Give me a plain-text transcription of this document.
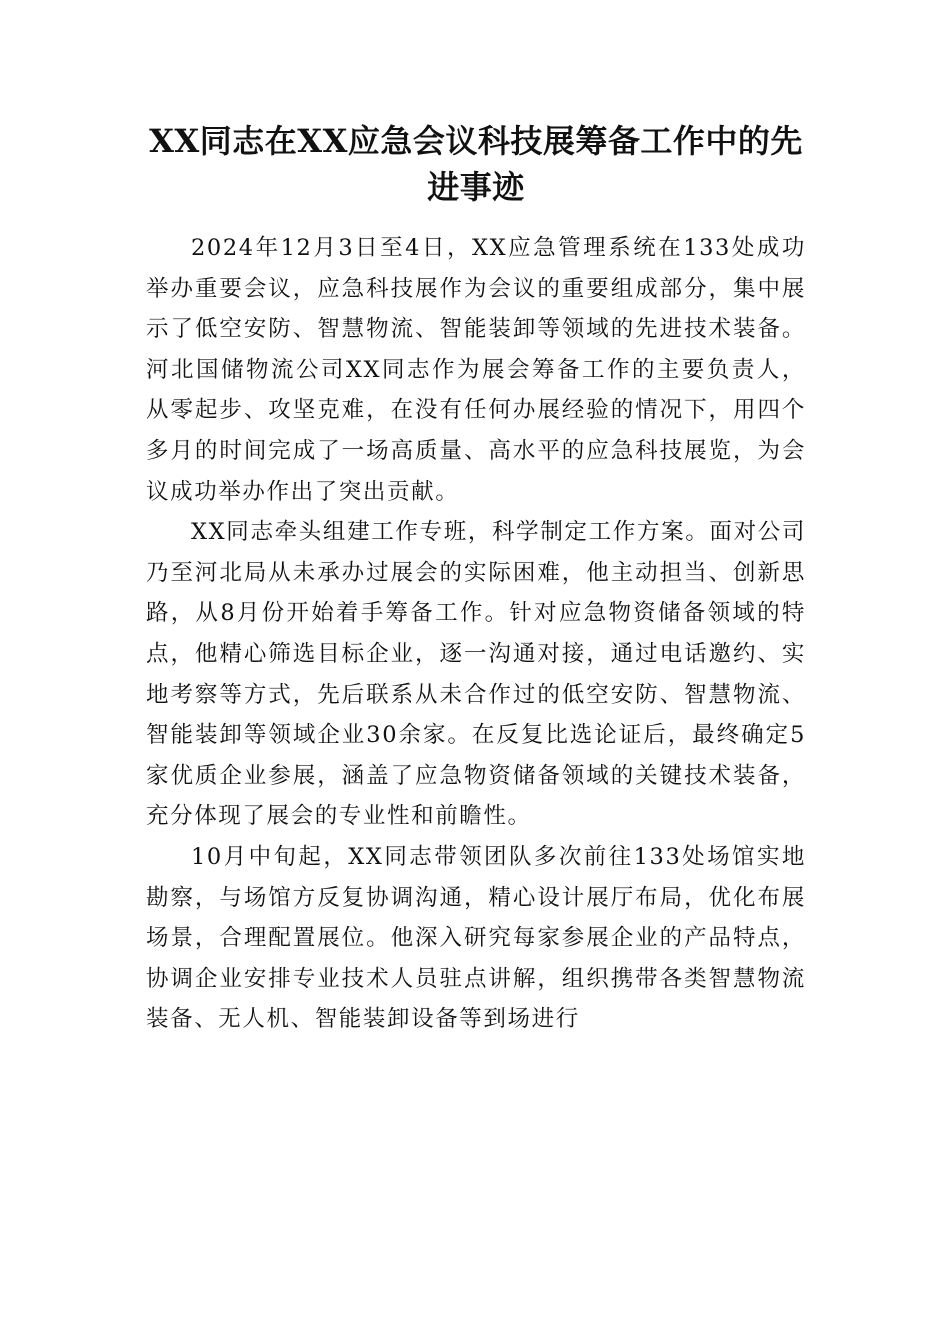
XX同志在XX应急会议科技展筹备工作中的先进事迹

2024年12月3日至4日，XX应急管理系统在133处成功举办重要会议，应急科技展作为会议的重要组成部分，集中展示了低空安防、智慧物流、智能装卸等领域的先进技术装备。河北国储物流公司XX同志作为展会筹备工作的主要负责人，从零起步、攻坚克难，在没有任何办展经验的情况下，用四个多月的时间完成了一场高质量、高水平的应急科技展览，为会议成功举办作出了突出贡献。

XX同志牵头组建工作专班，科学制定工作方案。面对公司乃至河北局从未承办过展会的实际困难，他主动担当、创新思路，从8月份开始着手筹备工作。针对应急物资储备领域的特点，他精心筛选目标企业，逐一沟通对接，通过电话邀约、实地考察等方式，先后联系从未合作过的低空安防、智慧物流、智能装卸等领域企业30余家。在反复比选论证后，最终确定5家优质企业参展，涵盖了应急物资储备领域的关键技术装备，充分体现了展会的专业性和前瞻性。

10月中旬起，XX同志带领团队多次前往133处场馆实地勘察，与场馆方反复协调沟通，精心设计展厅布局，优化布展场景，合理配置展位。他深入研究每家参展企业的产品特点，协调企业安排专业技术人员驻点讲解，组织携带各类智慧物流装备、无人机、智能装卸设备等到场进行
